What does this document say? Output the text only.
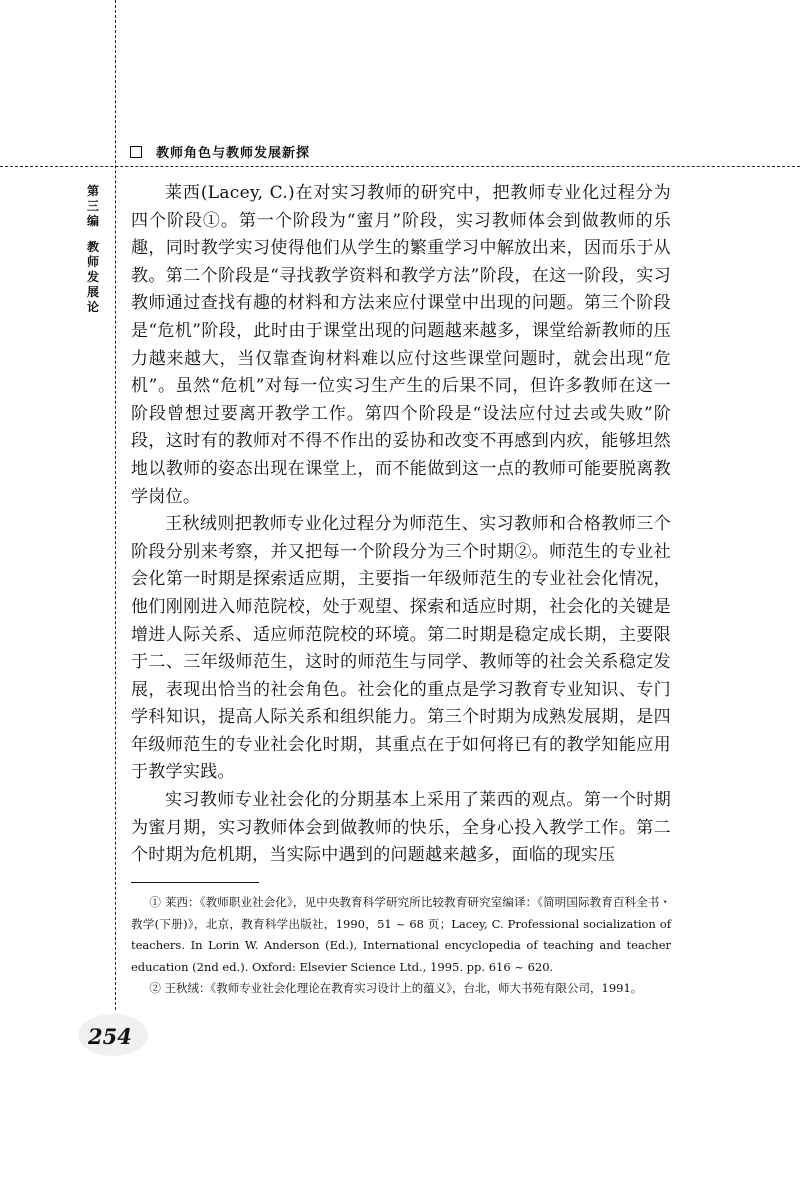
教师角色与教师发展新探
第
三
编
教
师
发
展
论

莱西(Lacey, C.)在对实习教师的研究中，把教师专业化过程分为四个阶段①。第一个阶段为“蜜月”阶段，实习教师体会到做教师的乐趣，同时教学实习使得他们从学生的繁重学习中解放出来，因而乐于从教。第二个阶段是“寻找教学资料和教学方法”阶段，在这一阶段，实习教师通过查找有趣的材料和方法来应付课堂中出现的问题。第三个阶段是“危机”阶段，此时由于课堂出现的问题越来越多，课堂给新教师的压力越来越大，当仅靠查询材料难以应付这些课堂问题时，就会出现“危机”。虽然“危机”对每一位实习生产生的后果不同，但许多教师在这一阶段曾想过要离开教学工作。第四个阶段是“设法应付过去或失败”阶段，这时有的教师对不得不作出的妥协和改变不再感到内疚，能够坦然地以教师的姿态出现在课堂上，而不能做到这一点的教师可能要脱离教学岗位。

王秋绒则把教师专业化过程分为师范生、实习教师和合格教师三个阶段分别来考察，并又把每一个阶段分为三个时期②。师范生的专业社会化第一时期是探索适应期，主要指一年级师范生的专业社会化情况，他们刚刚进入师范院校，处于观望、探索和适应时期，社会化的关键是增进人际关系、适应师范院校的环境。第二时期是稳定成长期，主要限于二、三年级师范生，这时的师范生与同学、教师等的社会关系稳定发展，表现出恰当的社会角色。社会化的重点是学习教育专业知识、专门学科知识，提高人际关系和组织能力。第三个时期为成熟发展期，是四年级师范生的专业社会化时期，其重点在于如何将已有的教学知能应用于教学实践。

实习教师专业社会化的分期基本上采用了莱西的观点。第一个时期为蜜月期，实习教师体会到做教师的快乐，全身心投入教学工作。第二个时期为危机期，当实际中遇到的问题越来越多，面临的现实压

① 莱西：《教师职业社会化》，见中央教育科学研究所比较教育研究室编译：《简明国际教育百科全书・教学(下册)》，北京，教育科学出版社，1990，51 ~ 68 页；Lacey, C. Professional socialization of teachers. In Lorin W. Anderson (Ed.), International encyclopedia of teaching and teacher education (2nd ed.). Oxford: Elsevier Science Ltd., 1995. pp. 616 ~ 620.

② 王秋绒：《教师专业社会化理论在教育实习设计上的蕴义》，台北，师大书苑有限公司，1991。

254
